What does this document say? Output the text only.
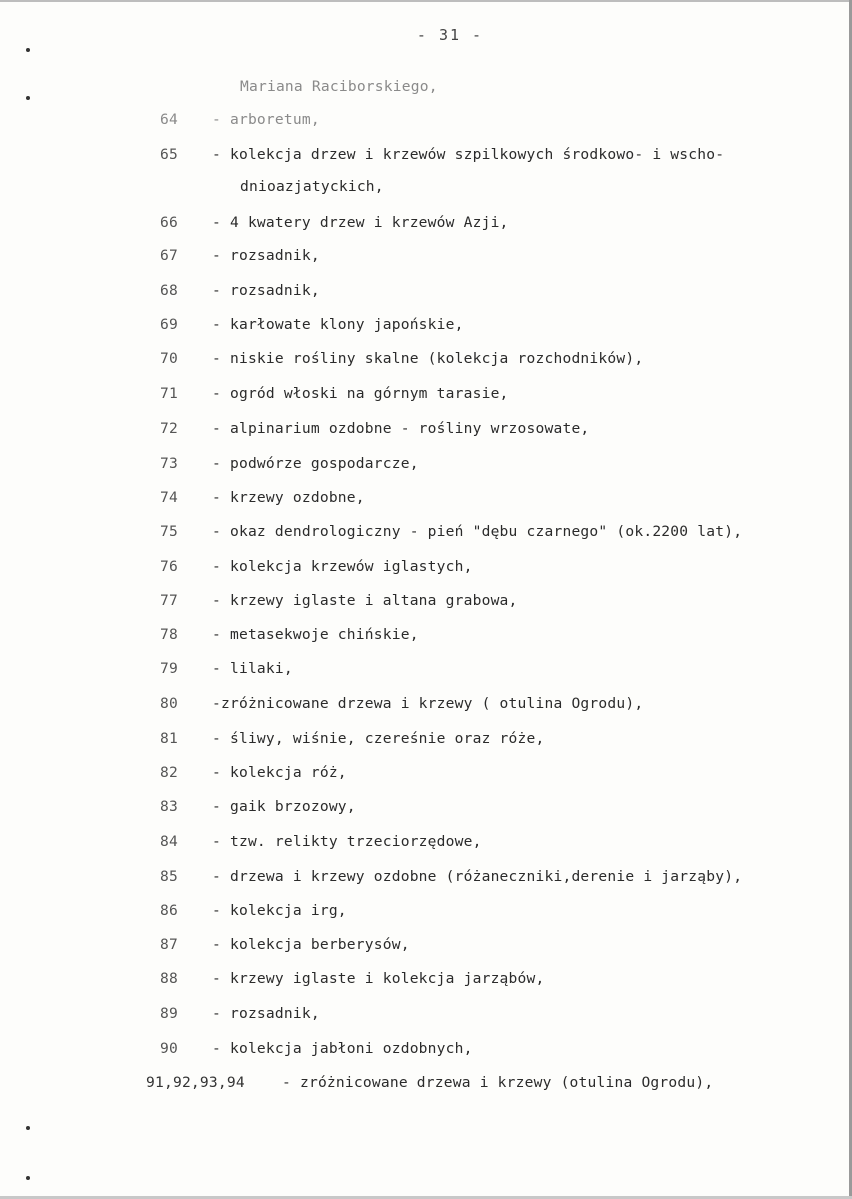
- 31 -
Mariana Raciborskiego,
64	- arboretum,
65	- kolekcja drzew i krzewów szpilkowych środkowo- i wscho-
dnioazjatyckich,
66	- 4 kwatery drzew i krzewów Azji,
67	- rozsadnik,
68	- rozsadnik,
69	- karłowate klony japońskie,
70	- niskie rośliny skalne (kolekcja rozchodników),
71	- ogród włoski na górnym tarasie,
72	- alpinarium ozdobne - rośliny wrzosowate,
73	- podwórze gospodarcze,
74	- krzewy ozdobne,
75	- okaz dendrologiczny - pień "dębu czarnego" (ok.2200 lat),
76	- kolekcja krzewów iglastych,
77	- krzewy iglaste i altana grabowa,
78	- metasekwoje chińskie,
79	- lilaki,
80	-zróżnicowane drzewa i krzewy ( otulina Ogrodu),
81	- śliwy, wiśnie, czereśnie oraz róże,
82	- kolekcja róż,
83	- gaik brzozowy,
84	- tzw. relikty trzeciorzędowe,
85	- drzewa i krzewy ozdobne (różaneczniki,derenie i jarząby),
86	- kolekcja irg,
87	- kolekcja berberysów,
88	- krzewy iglaste i kolekcja jarząbów,
89	- rozsadnik,
90	- kolekcja jabłoni ozdobnych,
91,92,93,94	- zróżnicowane drzewa i krzewy (otulina Ogrodu),
